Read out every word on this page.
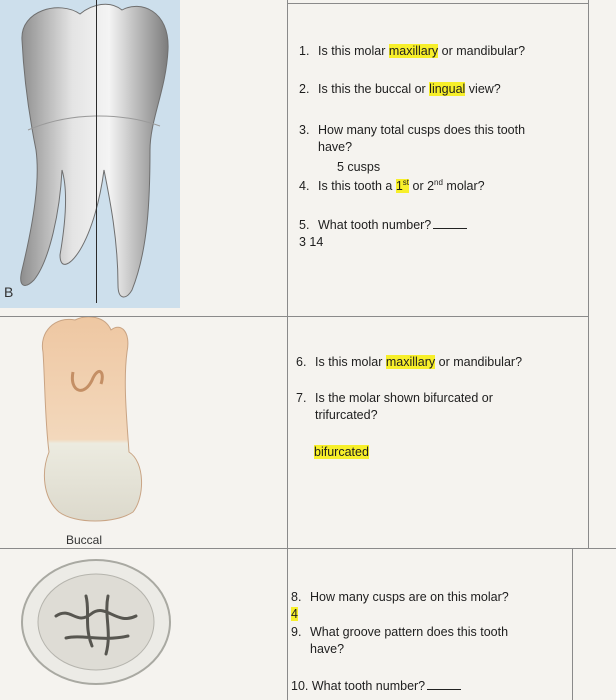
B
Buccal
1. Is this molar maxillary or mandibular?
2. Is this the buccal or lingual view?
3. How many total cusps does this tooth
have?
5 cusps
4. Is this tooth a 1st or 2nd molar?
5. What tooth number?
3 14
6. Is this molar maxillary or mandibular?
7. Is the molar shown bifurcated or
trifurcated?
bifurcated
8. How many cusps are on this molar?
4
9. What groove pattern does this tooth
have?
10. What tooth number?
